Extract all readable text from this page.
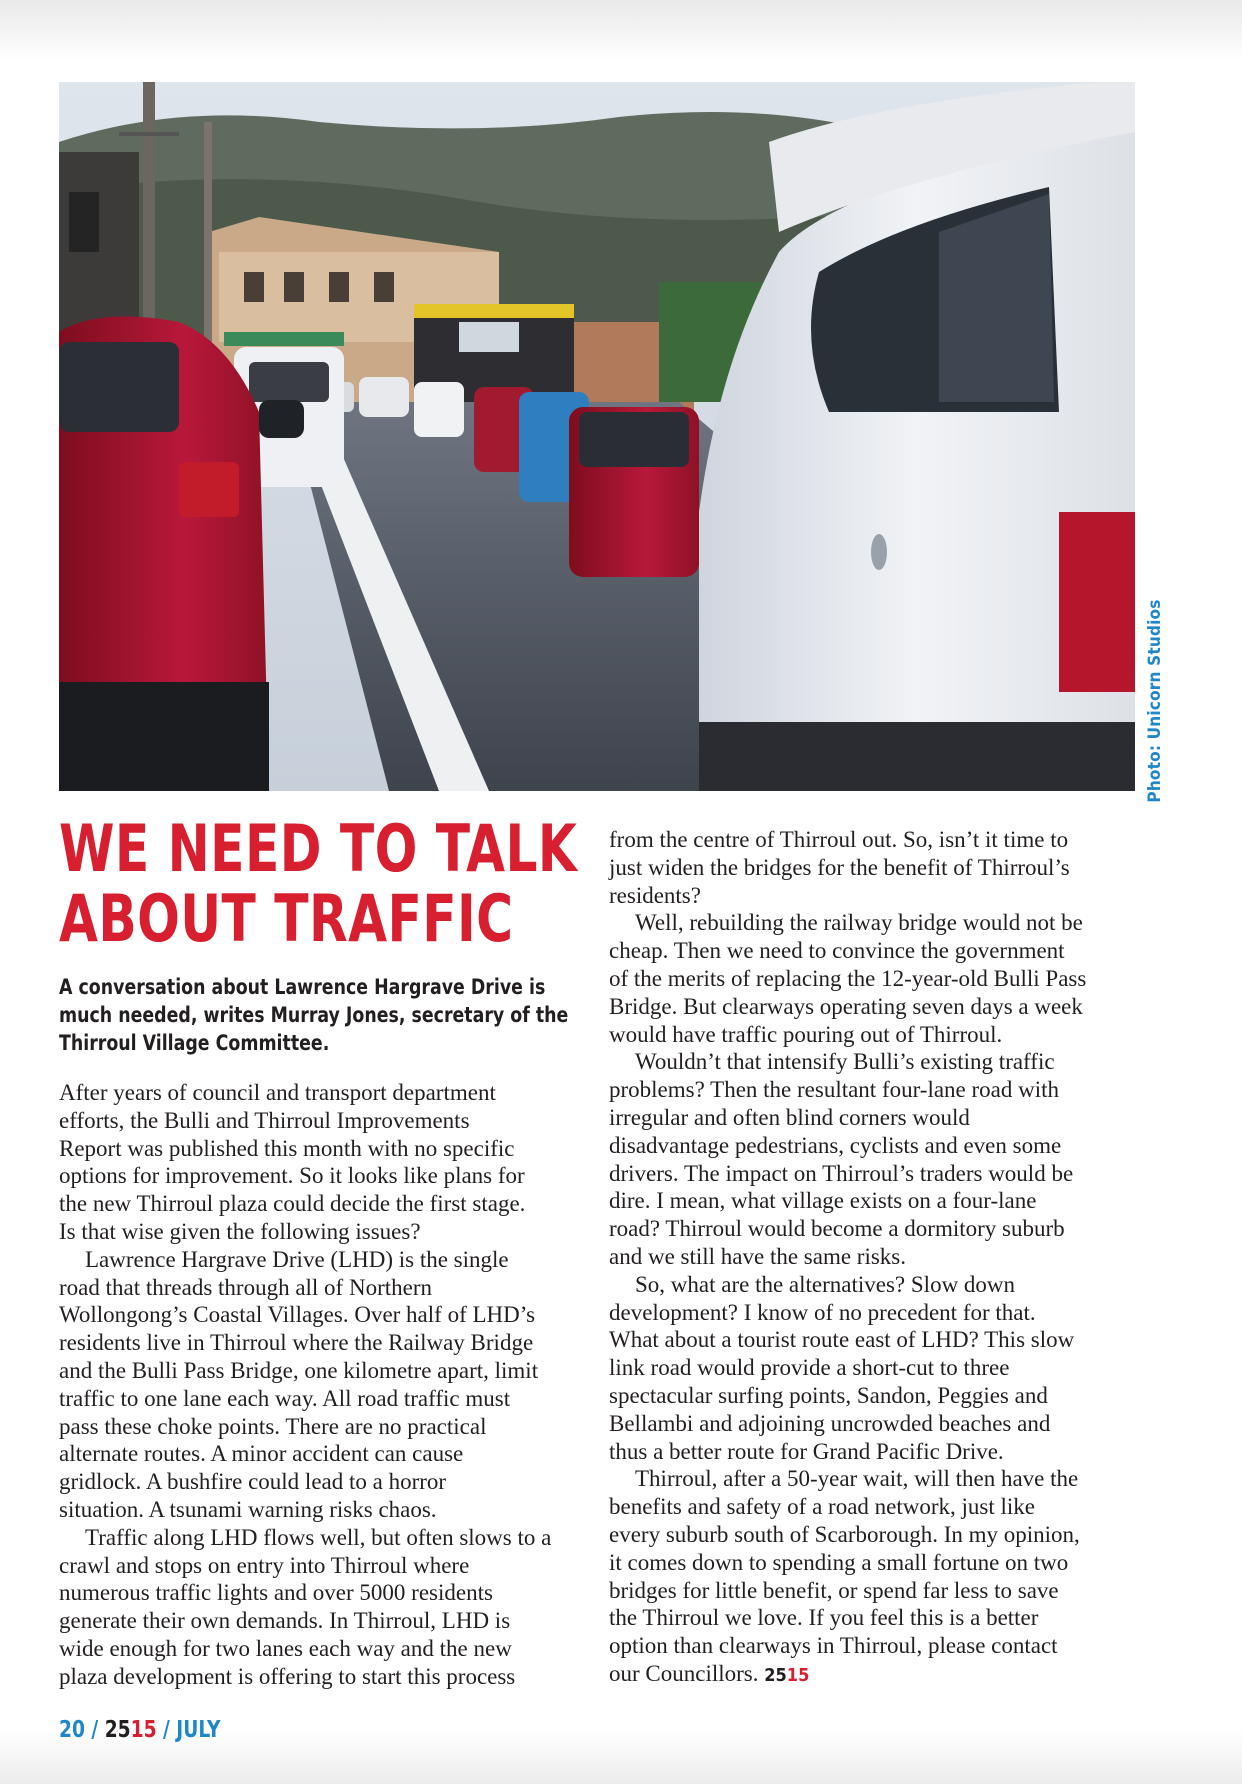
Photo: Unicorn Studios
WE NEED TO TALK
ABOUT TRAFFIC
A conversation about Lawrence Hargrave Drive is
much needed, writes Murray Jones, secretary of the
Thirroul Village Committee.

After years of council and transport department
efforts, the Bulli and Thirroul Improvements
Report was published this month with no specific
options for improvement. So it looks like plans for
the new Thirroul plaza could decide the first stage.
Is that wise given the following issues?

Lawrence Hargrave Drive (LHD) is the single
road that threads through all of Northern
Wollongong’s Coastal Villages. Over half of LHD’s
residents live in Thirroul where the Railway Bridge
and the Bulli Pass Bridge, one kilometre apart, limit
traffic to one lane each way. All road traffic must
pass these choke points. There are no practical
alternate routes. A minor accident can cause
gridlock. A bushfire could lead to a horror
situation. A tsunami warning risks chaos.

Traffic along LHD flows well, but often slows to a
crawl and stops on entry into Thirroul where
numerous traffic lights and over 5000 residents
generate their own demands. In Thirroul, LHD is
wide enough for two lanes each way and the new
plaza development is offering to start this process

from the centre of Thirroul out. So, isn’t it time to
just widen the bridges for the benefit of Thirroul’s
residents?

Well, rebuilding the railway bridge would not be
cheap. Then we need to convince the government
of the merits of replacing the 12-year-old Bulli Pass
Bridge. But clearways operating seven days a week
would have traffic pouring out of Thirroul.

Wouldn’t that intensify Bulli’s existing traffic
problems? Then the resultant four-lane road with
irregular and often blind corners would
disadvantage pedestrians, cyclists and even some
drivers. The impact on Thirroul’s traders would be
dire. I mean, what village exists on a four-lane
road? Thirroul would become a dormitory suburb
and we still have the same risks.

So, what are the alternatives? Slow down
development? I know of no precedent for that.
What about a tourist route east of LHD? This slow
link road would provide a short-cut to three
spectacular surfing points, Sandon, Peggies and
Bellambi and adjoining uncrowded beaches and
thus a better route for Grand Pacific Drive.

Thirroul, after a 50-year wait, will then have the
benefits and safety of a road network, just like
every suburb south of Scarborough. In my opinion,
it comes down to spending a small fortune on two
bridges for little benefit, or spend far less to save
the Thirroul we love. If you feel this is a better
option than clearways in Thirroul, please contact
our Councillors. 2515

20 / 2515 / JULY
